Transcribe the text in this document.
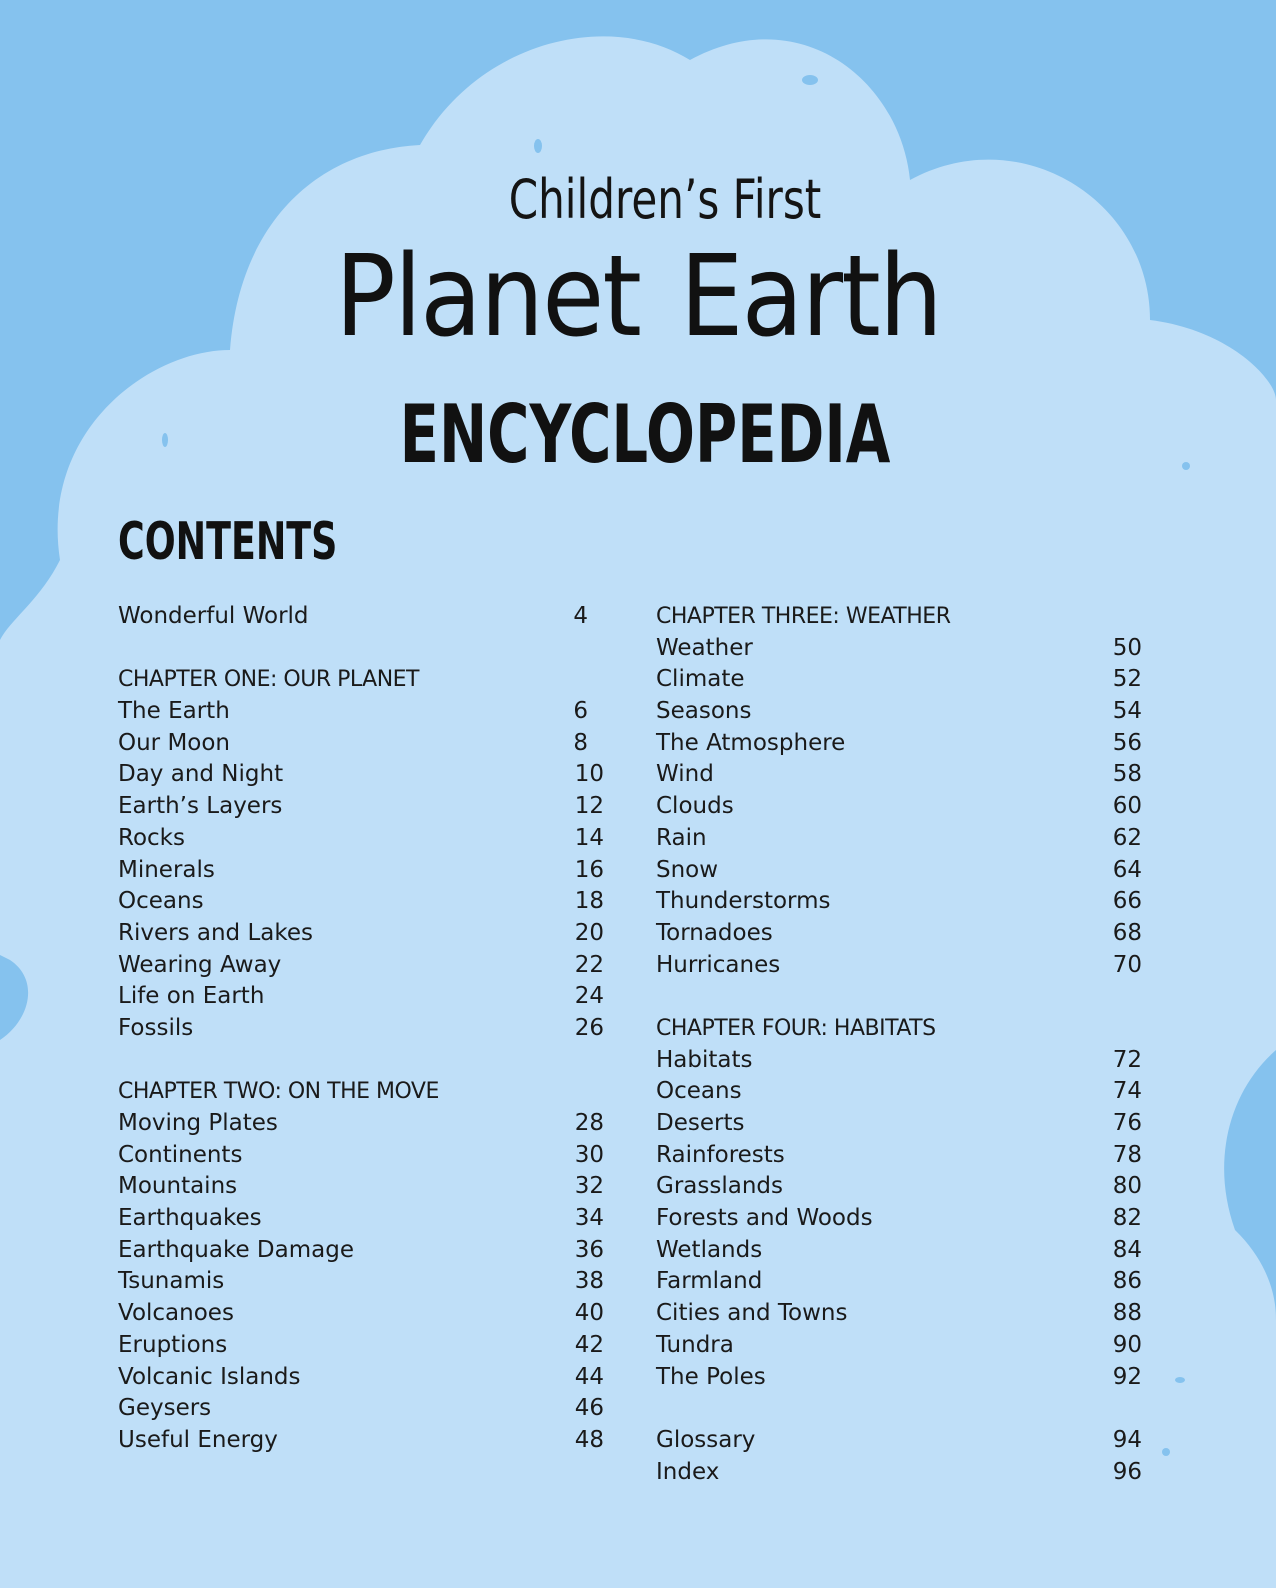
Children’s First
Planet Earth
ENCYCLOPEDIA
CONTENTS
Wonderful World	4
CHAPTER ONE: OUR PLANET
The Earth	6
Our Moon	8
Day and Night	10
Earth’s Layers	12
Rocks	14
Minerals	16
Oceans	18
Rivers and Lakes	20
Wearing Away	22
Life on Earth	24
Fossils	26
CHAPTER TWO: ON THE MOVE
Moving Plates	28
Continents	30
Mountains	32
Earthquakes	34
Earthquake Damage	36
Tsunamis	38
Volcanoes	40
Eruptions	42
Volcanic Islands	44
Geysers	46
Useful Energy	48
CHAPTER THREE: WEATHER
Weather	50
Climate	52
Seasons	54
The Atmosphere	56
Wind	58
Clouds	60
Rain	62
Snow	64
Thunderstorms	66
Tornadoes	68
Hurricanes	70
CHAPTER FOUR: HABITATS
Habitats	72
Oceans	74
Deserts	76
Rainforests	78
Grasslands	80
Forests and Woods	82
Wetlands	84
Farmland	86
Cities and Towns	88
Tundra	90
The Poles	92
Glossary	94
Index	96
